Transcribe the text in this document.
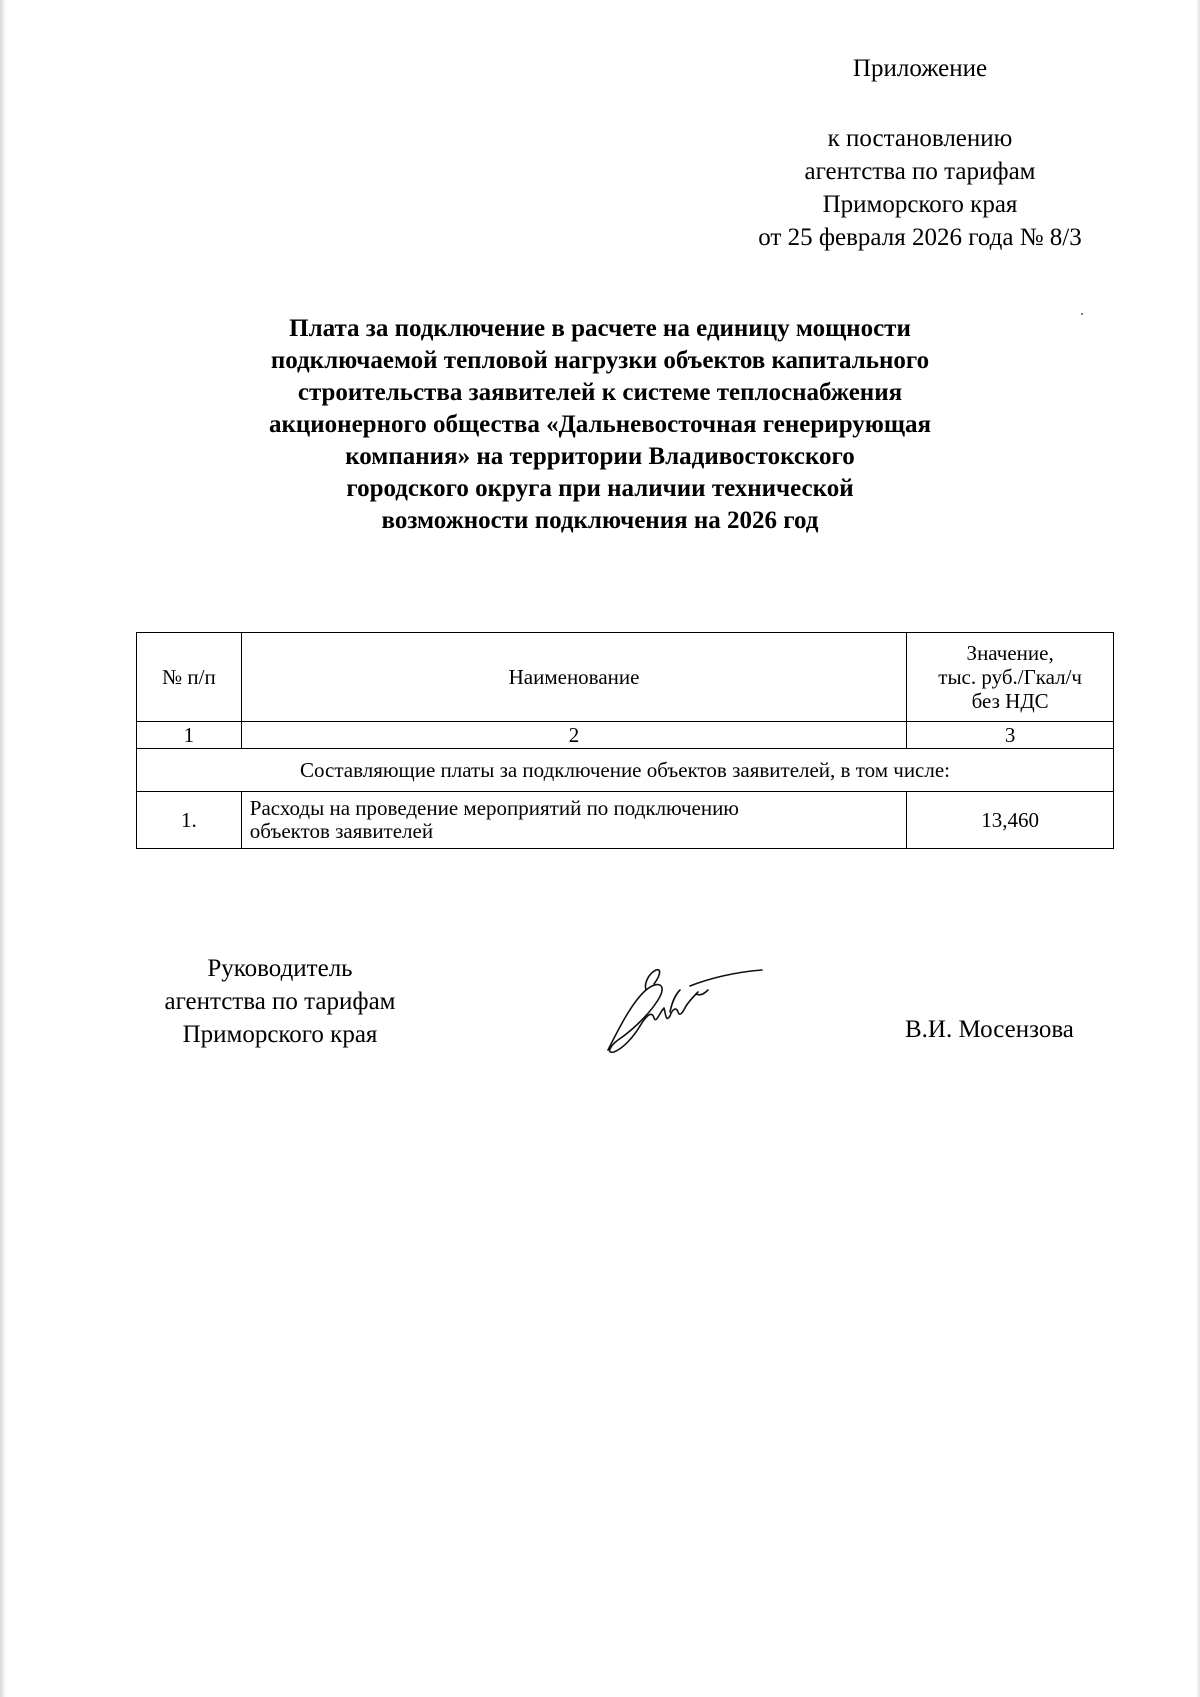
Приложение
к постановлению
агентства по тарифам
Приморского края
от 25 февраля 2026 года № 8/3
Плата за подключение в расчете на единицу мощности
подключаемой тепловой нагрузки объектов капитального
строительства заявителей к системе теплоснабжения
акционерного общества «Дальневосточная генерирующая
компания» на территории Владивостокского
городского округа при наличии технической
возможности подключения на 2026 год
№ п/п	Наименование	Значение,
тыс. руб./Гкал/ч
без НДС

1	2	3
Составляющие платы за подключение объектов заявителей, в том числе:		
1.	Расходы на проведение мероприятий по подключению
объектов заявителей	13,460
Руководитель
агентства по тарифам
Приморского края	В.И. Мосензова
